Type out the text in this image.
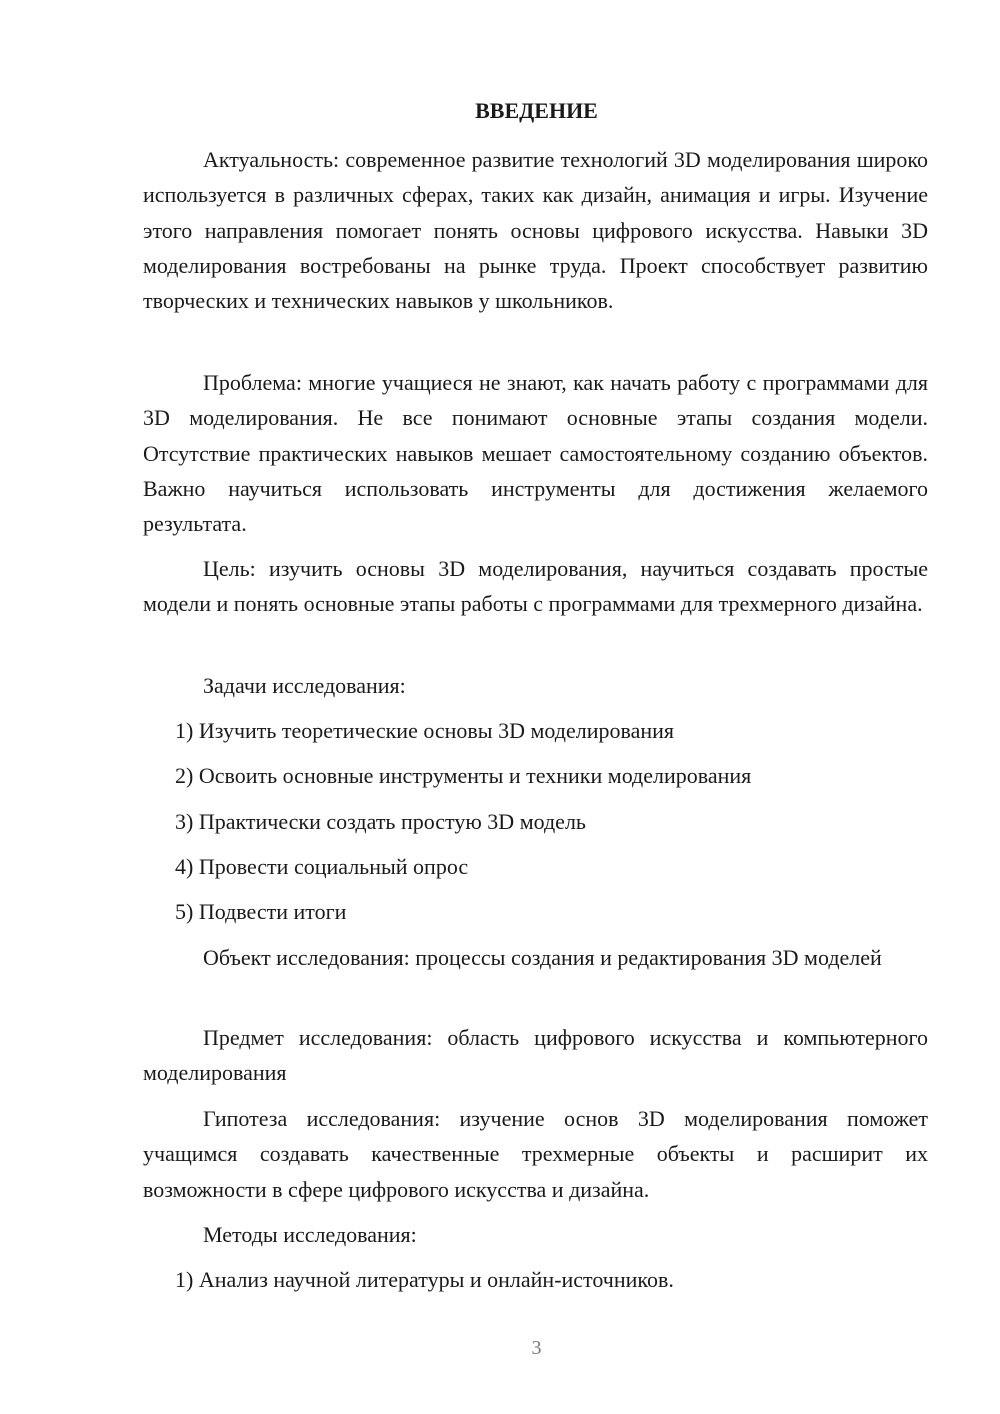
ВВЕДЕНИЕ

Актуальность: современное развитие технологий 3D моделирования широко используется в различных сферах, таких как дизайн, анимация и игры. Изучение этого направления помогает понять основы цифрового искусства. Навыки 3D моделирования востребованы на рынке труда. Проект способствует развитию творческих и технических навыков у школьников.

Проблема: многие учащиеся не знают, как начать работу с программами для 3D моделирования. Не все понимают основные этапы создания модели. Отсутствие практических навыков мешает самостоятельному созданию объектов. Важно научиться использовать инструменты для достижения желаемого результата.

Цель: изучить основы 3D моделирования, научиться создавать простые модели и понять основные этапы работы с программами для трехмерного дизайна.

Задачи исследования:

1) Изучить теоретические основы 3D моделирования

2) Освоить основные инструменты и техники моделирования

3) Практически создать простую 3D модель

4) Провести социальный опрос

5) Подвести итоги

Объект исследования: процессы создания и редактирования 3D моделей

Предмет исследования: область цифрового искусства и компьютерного моделирования

Гипотеза исследования: изучение основ 3D моделирования поможет учащимся создавать качественные трехмерные объекты и расширит их возможности в сфере цифрового искусства и дизайна.

Методы исследования:

1) Анализ научной литературы и онлайн-источников.

3
